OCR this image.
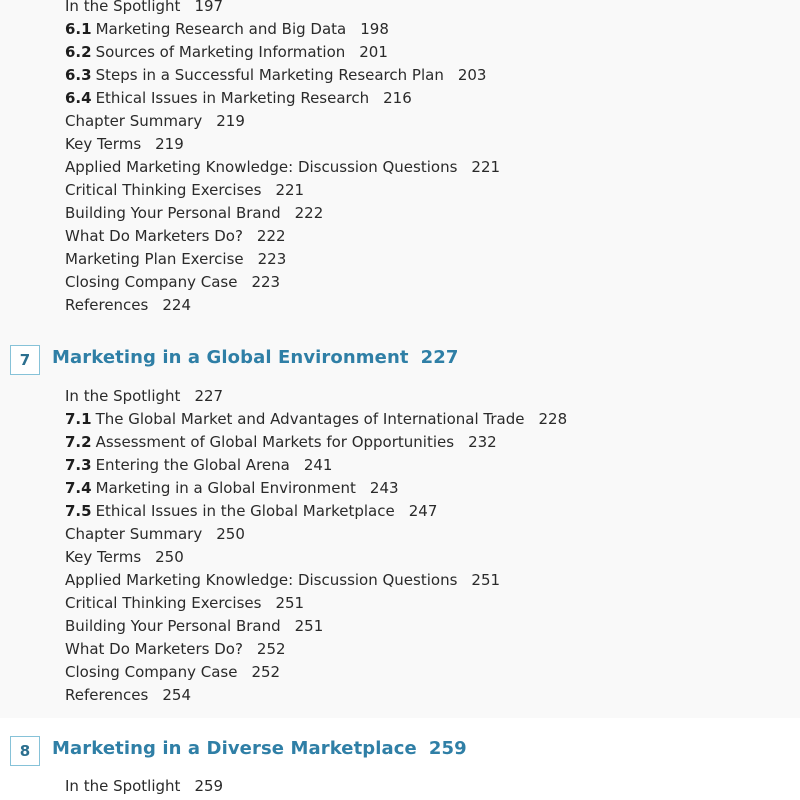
In the Spotlight 197
6.1 Marketing Research and Big Data 198
6.2 Sources of Marketing Information 201
6.3 Steps in a Successful Marketing Research Plan 203
6.4 Ethical Issues in Marketing Research 216
Chapter Summary 219
Key Terms 219
Applied Marketing Knowledge: Discussion Questions 221
Critical Thinking Exercises 221
Building Your Personal Brand 222
What Do Marketers Do? 222
Marketing Plan Exercise 223
Closing Company Case 223
References 224
7	Marketing in a Global Environment 227
In the Spotlight 227
7.1 The Global Market and Advantages of International Trade 228
7.2 Assessment of Global Markets for Opportunities 232
7.3 Entering the Global Arena 241
7.4 Marketing in a Global Environment 243
7.5 Ethical Issues in the Global Marketplace 247
Chapter Summary 250
Key Terms 250
Applied Marketing Knowledge: Discussion Questions 251
Critical Thinking Exercises 251
Building Your Personal Brand 251
What Do Marketers Do? 252
Closing Company Case 252
References 254
8	Marketing in a Diverse Marketplace 259
In the Spotlight 259
